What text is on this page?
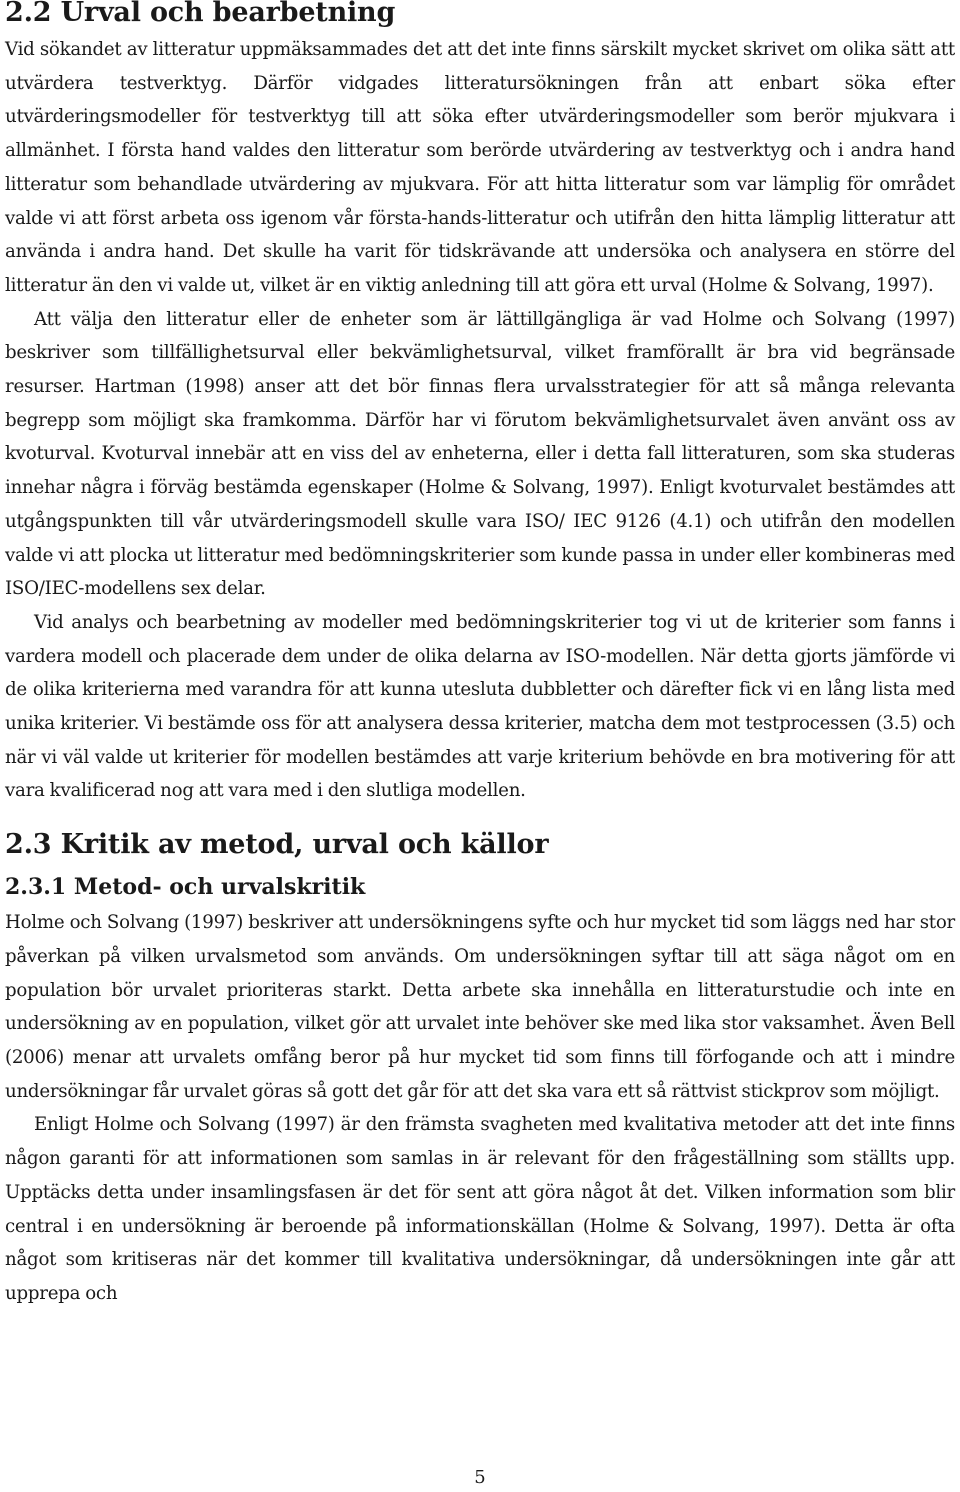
2.2 Urval och bearbetning

Vid sökandet av litteratur uppmäksammades det att det inte finns särskilt mycket skrivet om olika sätt att utvärdera testverktyg. Därför vidgades litteratursökningen från att enbart söka efter utvärderingsmodeller för testverktyg till att söka efter utvärderingsmodeller som berör mjukvara i allmänhet. I första hand valdes den litteratur som berörde utvärdering av testverktyg och i andra hand litteratur som behandlade utvärdering av mjukvara. För att hitta litteratur som var lämplig för området valde vi att först arbeta oss igenom vår första-hands-litteratur och utifrån den hitta lämplig litteratur att använda i andra hand. Det skulle ha varit för tidskrävande att undersöka och analysera en större del litteratur än den vi valde ut, vilket är en viktig anledning till att göra ett urval (Holme & Solvang, 1997).

Att välja den litteratur eller de enheter som är lättillgängliga är vad Holme och Solvang (1997) beskriver som tillfällighetsurval eller bekvämlighetsurval, vilket framförallt är bra vid begränsade resurser. Hartman (1998) anser att det bör finnas flera urvalsstrategier för att så många relevanta begrepp som möjligt ska framkomma. Därför har vi förutom bekvämlighetsurvalet även använt oss av kvoturval. Kvoturval innebär att en viss del av enheterna, eller i detta fall litteraturen, som ska studeras innehar några i förväg bestämda egenskaper (Holme & Solvang, 1997). Enligt kvoturvalet bestämdes att utgångspunkten till vår utvärderingsmodell skulle vara ISO/ IEC 9126 (4.1) och utifrån den modellen valde vi att plocka ut litteratur med bedömningskriterier som kunde passa in under eller kombineras med ISO/IEC-modellens sex delar.

Vid analys och bearbetning av modeller med bedömningskriterier tog vi ut de kriterier som fanns i vardera modell och placerade dem under de olika delarna av ISO-modellen. När detta gjorts jämförde vi de olika kriterierna med varandra för att kunna utesluta dubbletter och därefter fick vi en lång lista med unika kriterier. Vi bestämde oss för att analysera dessa kriterier, matcha dem mot testprocessen (3.5) och när vi väl valde ut kriterier för modellen bestämdes att varje kriterium behövde en bra motivering för att vara kvalificerad nog att vara med i den slutliga modellen.

2.3 Kritik av metod, urval och källor
2.3.1 Metod- och urvalskritik

Holme och Solvang (1997) beskriver att undersökningens syfte och hur mycket tid som läggs ned har stor påverkan på vilken urvalsmetod som används. Om undersökningen syftar till att säga något om en population bör urvalet prioriteras starkt. Detta arbete ska innehålla en litteraturstudie och inte en undersökning av en population, vilket gör att urvalet inte behöver ske med lika stor vaksamhet. Även Bell (2006) menar att urvalets omfång beror på hur mycket tid som finns till förfogande och att i mindre undersökningar får urvalet göras så gott det går för att det ska vara ett så rättvist stickprov som möjligt.

Enligt Holme och Solvang (1997) är den främsta svagheten med kvalitativa metoder att det inte finns någon garanti för att informationen som samlas in är relevant för den frågeställning som ställts upp. Upptäcks detta under insamlingsfasen är det för sent att göra något åt det. Vilken information som blir central i en undersökning är beroende på informationskällan (Holme & Solvang, 1997). Detta är ofta något som kritiseras när det kommer till kvalitativa undersökningar, då undersökningen inte går att upprepa och

5
